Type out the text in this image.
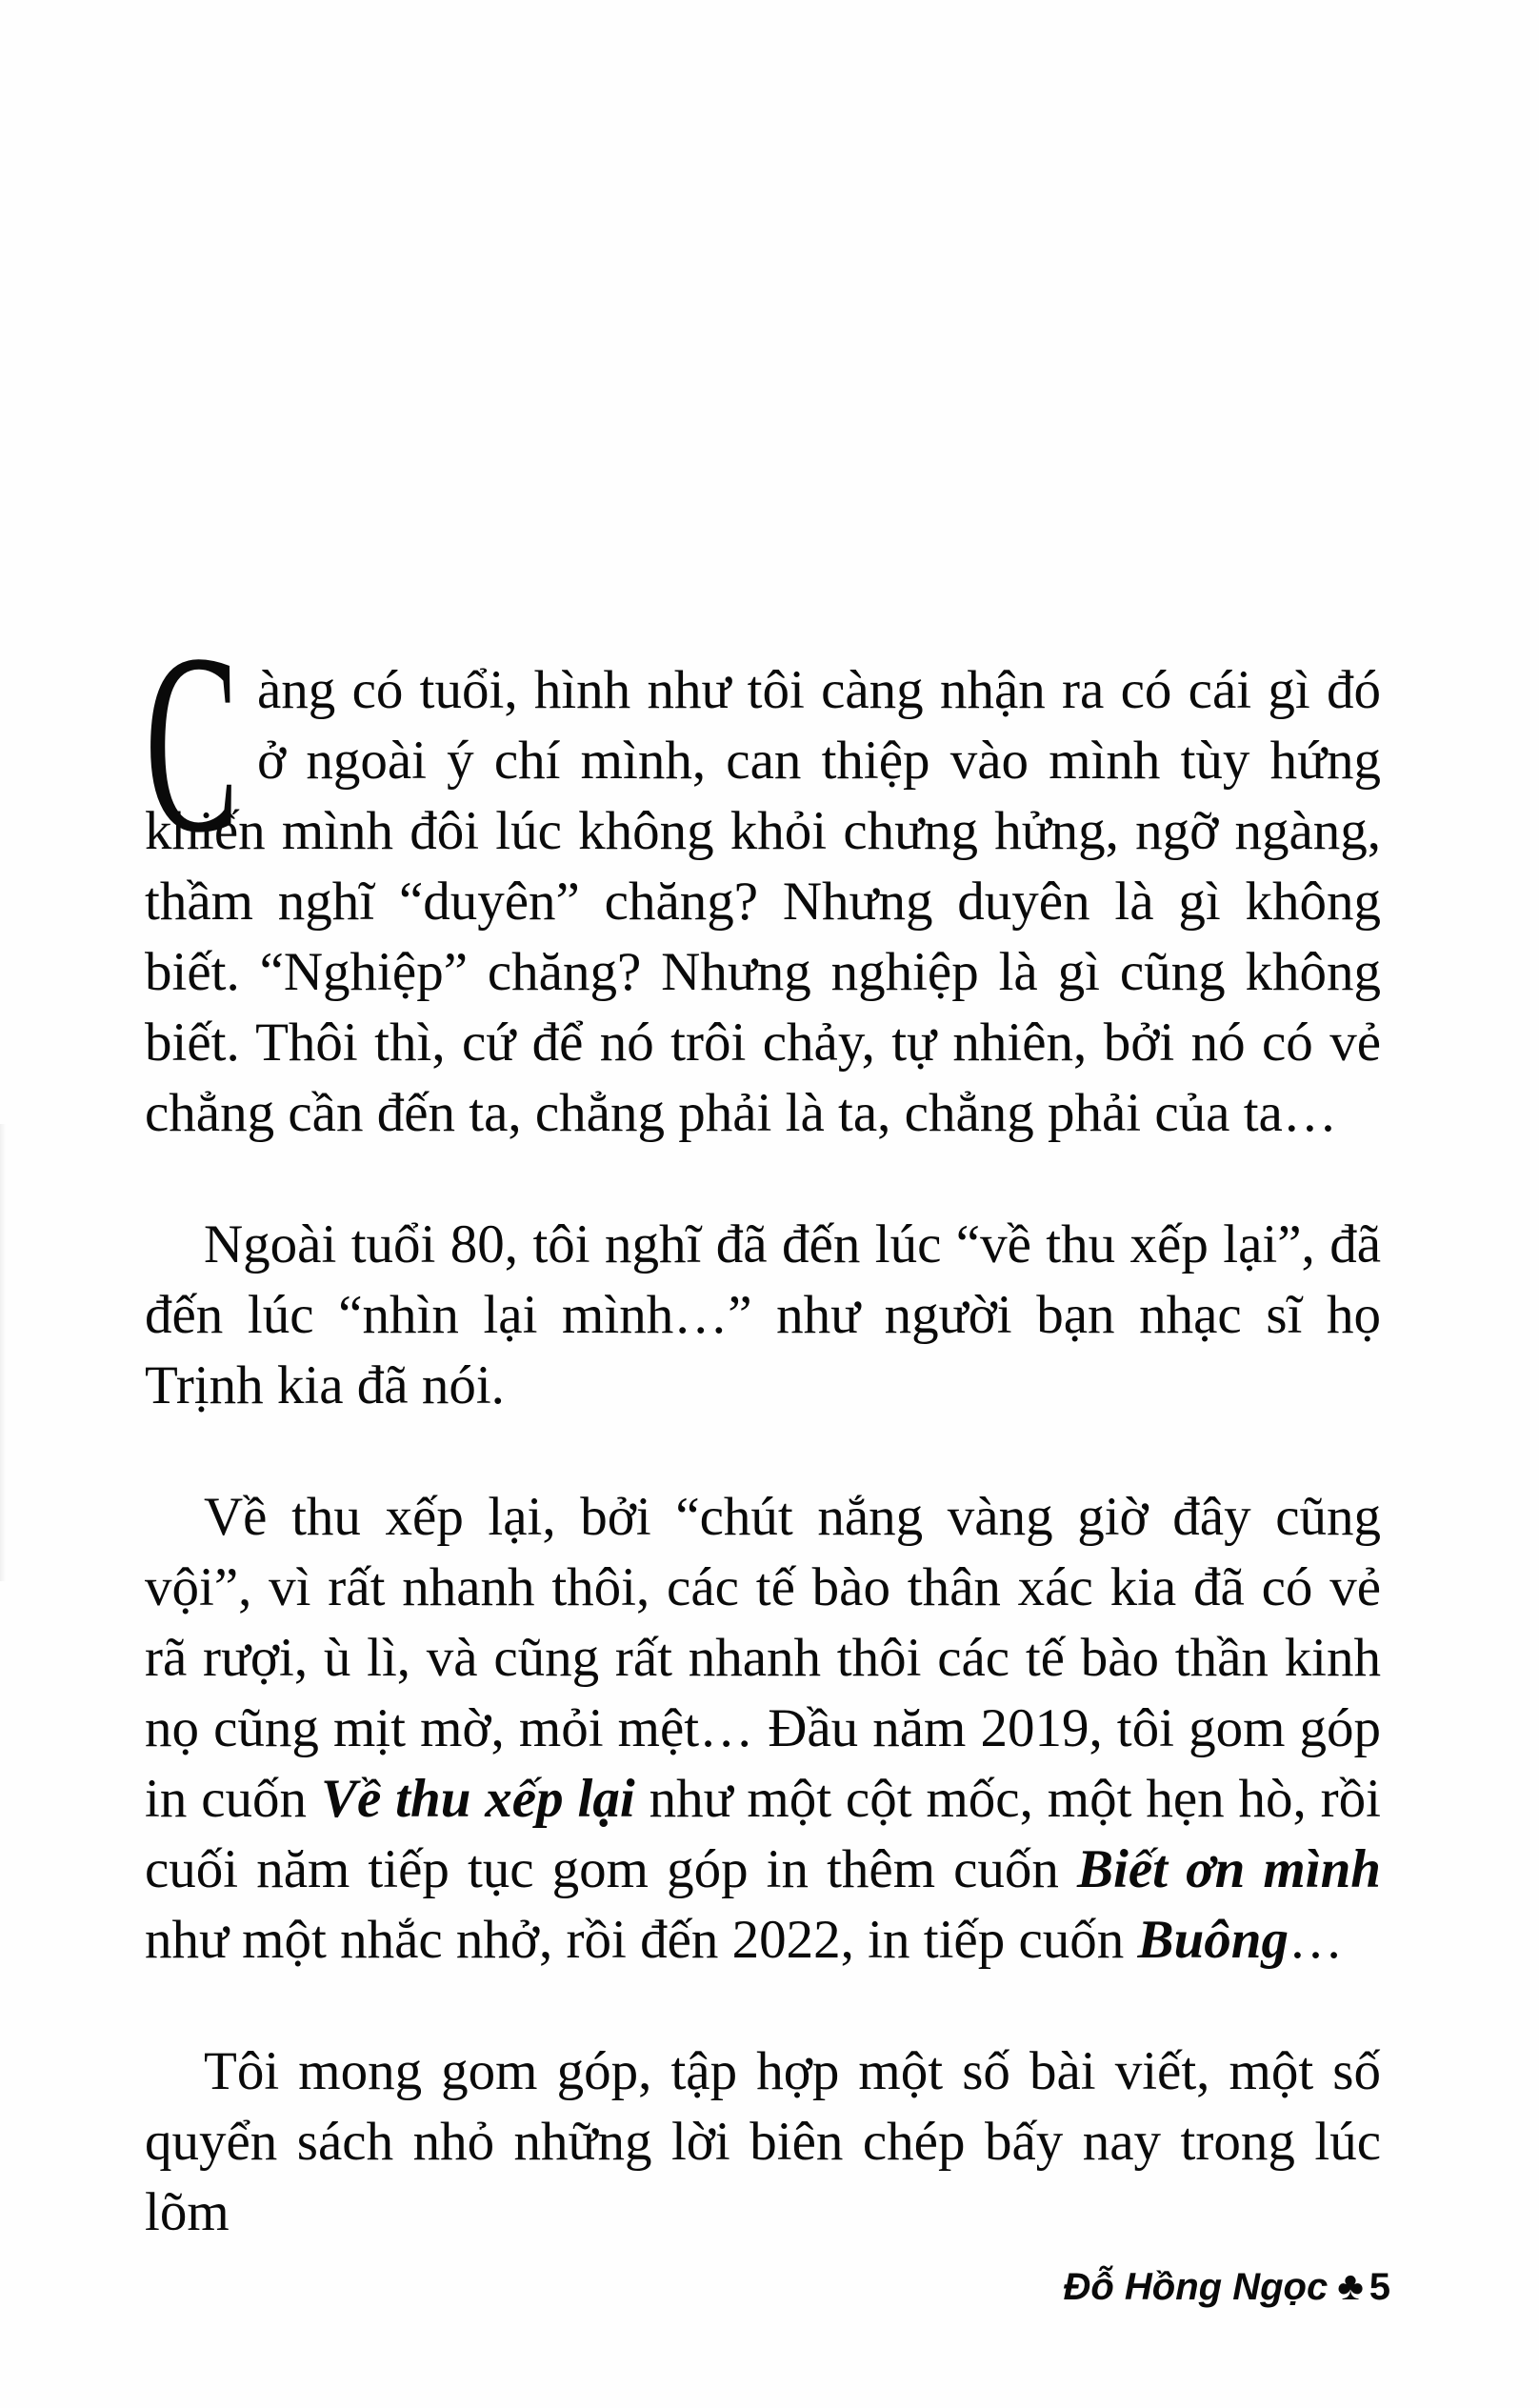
C àng có tuổi, hình như tôi càng nhận ra có cái gì đó ở ngoài ý chí mình, can thiệp vào mình tùy hứng khiến mình đôi lúc không khỏi chưng hửng, ngỡ ngàng, thầm nghĩ “duyên” chăng? Nhưng duyên là gì không biết. “Nghiệp” chăng? Nhưng nghiệp là gì cũng không biết. Thôi thì, cứ để nó trôi chảy, tự nhiên, bởi nó có vẻ chẳng cần đến ta, chẳng phải là ta, chẳng phải của ta…

Ngoài tuổi 80, tôi nghĩ đã đến lúc “về thu xếp lại”, đã đến lúc “nhìn lại mình…” như người bạn nhạc sĩ họ Trịnh kia đã nói.

Về thu xếp lại, bởi “chút nắng vàng giờ đây cũng vội”, vì rất nhanh thôi, các tế bào thân xác kia đã có vẻ rã rượi, ù lì, và cũng rất nhanh thôi các tế bào thần kinh nọ cũng mịt mờ, mỏi mệt… Đầu năm 2019, tôi gom góp in cuốn Về thu xếp lại như một cột mốc, một hẹn hò, rồi cuối năm tiếp tục gom góp in thêm cuốn Biết ơn mình như một nhắc nhở, rồi đến 2022, in tiếp cuốn Buông…

Tôi mong gom góp, tập hợp một số bài viết, một số quyển sách nhỏ những lời biên chép bấy nay trong lúc lõm

Đỗ Hồng Ngọc ♣ 5
